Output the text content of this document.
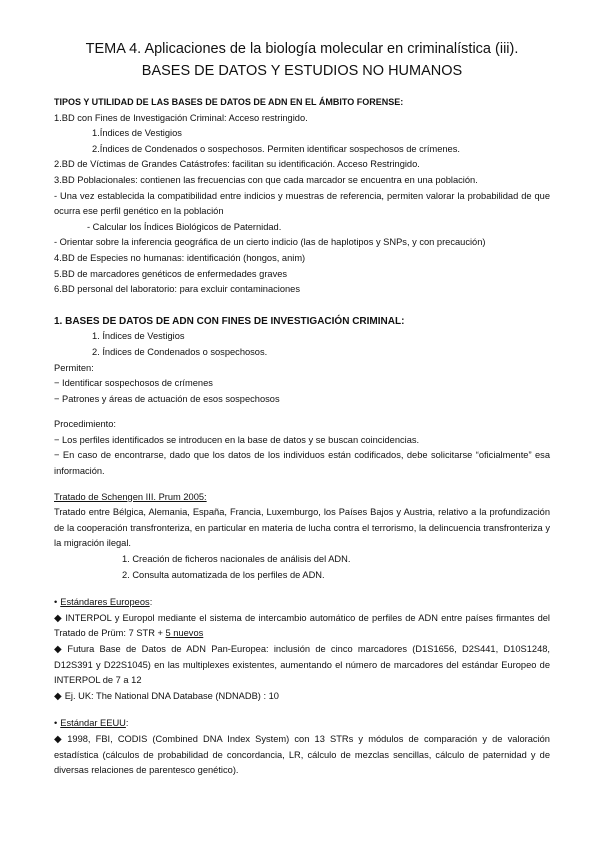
TEMA 4. Aplicaciones de la biología molecular en criminalística (iii).
BASES DE DATOS Y ESTUDIOS NO HUMANOS
TIPOS Y UTILIDAD DE LAS BASES DE DATOS DE ADN EN EL ÁMBITO FORENSE:
1.BD con Fines de Investigación Criminal: Acceso restringido.
1.Índices de Vestigios
2.Índices de Condenados o sospechosos. Permiten identificar sospechosos de crímenes.
2.BD de Víctimas de Grandes Catástrofes: facilitan su identificación. Acceso Restringido.
3.BD Poblacionales: contienen las frecuencias con que cada marcador se encuentra en una población.
- Una vez establecida la compatibilidad entre indicios y muestras de referencia, permiten valorar la probabilidad de que ocurra ese perfil genético en la población
- Calcular los Índices Biológicos de Paternidad.
- Orientar sobre la inferencia geográfica de un cierto indicio (las de haplotipos y SNPs, y con precaución)
4.BD de Especies no humanas: identificación (hongos, anim)
5.BD de marcadores genéticos de enfermedades graves
6.BD personal del laboratorio: para excluir contaminaciones
1. BASES DE DATOS DE ADN CON FINES DE INVESTIGACIÓN CRIMINAL:
1. Índices de Vestigios
2. Índices de Condenados o sospechosos.
Permiten:
− Identificar sospechosos de crímenes
− Patrones y áreas de actuación de esos sospechosos
Procedimiento:
− Los perfiles identificados se introducen en la base de datos y se buscan coincidencias.
− En caso de encontrarse, dado que los datos de los individuos están codificados, debe solicitarse “oficialmente” esa información.
Tratado de Schengen III. Prum 2005:
Tratado entre Bélgica, Alemania, España, Francia, Luxemburgo, los Países Bajos y Austria, relativo a la profundización de la cooperación transfronteriza, en particular en materia de lucha contra el terrorismo, la delincuencia transfronteriza y la migración ilegal.
1. Creación de ficheros nacionales de análisis del ADN.
2. Consulta automatizada de los perfiles de ADN.
• Estándares Europeos:
◆ INTERPOL y Europol mediante el sistema de intercambio automático de perfiles de ADN entre países firmantes del Tratado de Prüm: 7 STR + 5 nuevos
◆ Futura Base de Datos de ADN Pan-Europea: inclusión de cinco marcadores (D1S1656, D2S441, D10S1248, D12S391 y D22S1045) en las multiplexes existentes, aumentando el número de marcadores del estándar Europeo de INTERPOL de 7 a 12
◆ Ej. UK: The National DNA Database (NDNADB) : 10
• Estándar EEUU:
◆ 1998, FBI, CODIS (Combined DNA Index System) con 13 STRs y módulos de comparación y de valoración estadística (cálculos de probabilidad de concordancia, LR, cálculo de mezclas sencillas, cálculo de paternidad y de diversas relaciones de parentesco genético).
